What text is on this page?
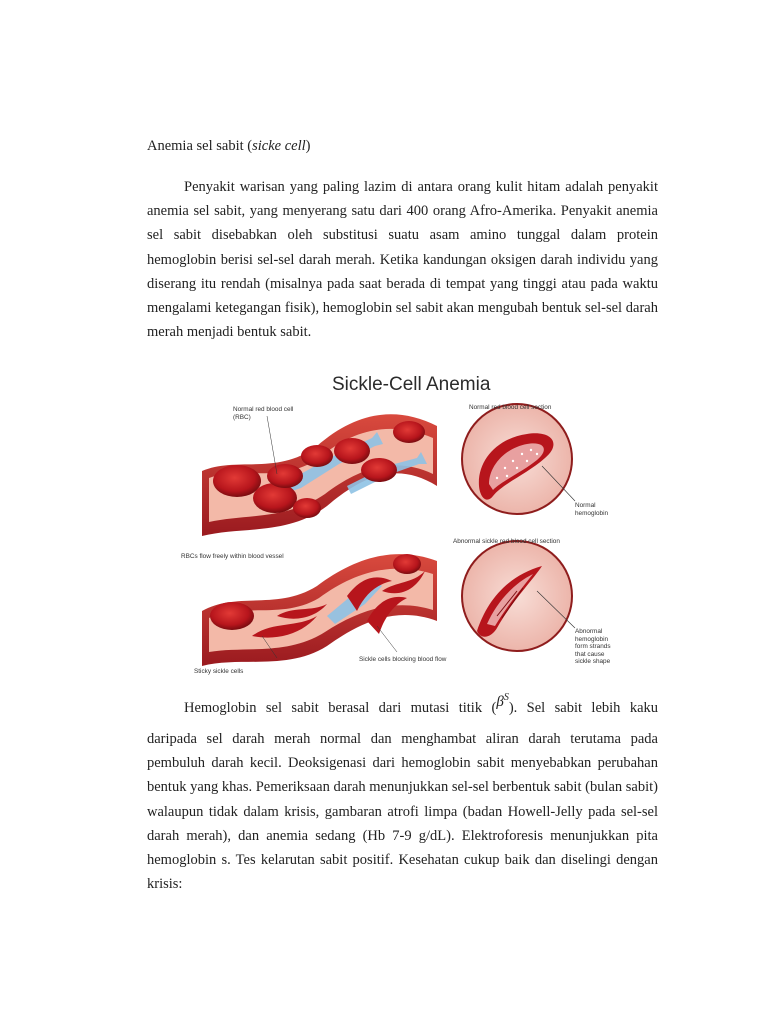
Anemia sel sabit (sicke cell)
Penyakit warisan yang paling lazim di antara orang kulit hitam adalah penyakit anemia sel sabit, yang menyerang satu dari 400 orang Afro-Amerika. Penyakit anemia sel sabit disebabkan oleh substitusi suatu asam amino tunggal dalam protein hemoglobin berisi sel-sel darah merah. Ketika kandungan oksigen darah individu yang diserang itu rendah (misalnya pada saat berada di tempat yang tinggi atau pada waktu mengalami ketegangan fisik), hemoglobin sel sabit akan mengubah bentuk sel-sel darah merah menjadi bentuk sabit.
Sickle-Cell Anemia
Normal red blood cell (RBC)
Normal red blood cell section
Normal hemoglobin
RBCs flow freely within blood vessel
Abnormal sickle red blood cell section
Abnormal hemoglobin form strands that cause sickle shape
Sticky sickle cells
Sickle cells blocking blood flow
Hemoglobin sel sabit berasal dari mutasi titik $(\beta^S)$. Sel sabit lebih kaku
daripada sel darah merah normal dan menghambat aliran darah terutama pada pembuluh darah kecil. Deoksigenasi dari hemoglobin sabit menyebabkan perubahan bentuk yang khas. Pemeriksaan darah menunjukkan sel-sel berbentuk sabit (bulan sabit) walaupun tidak dalam krisis, gambaran atrofi limpa (badan Howell-Jelly pada sel-sel darah merah), dan anemia sedang (Hb 7-9 g/dL). Elektroforesis menunjukkan pita hemoglobin s. Tes kelarutan sabit positif. Kesehatan cukup baik dan diselingi dengan krisis:
